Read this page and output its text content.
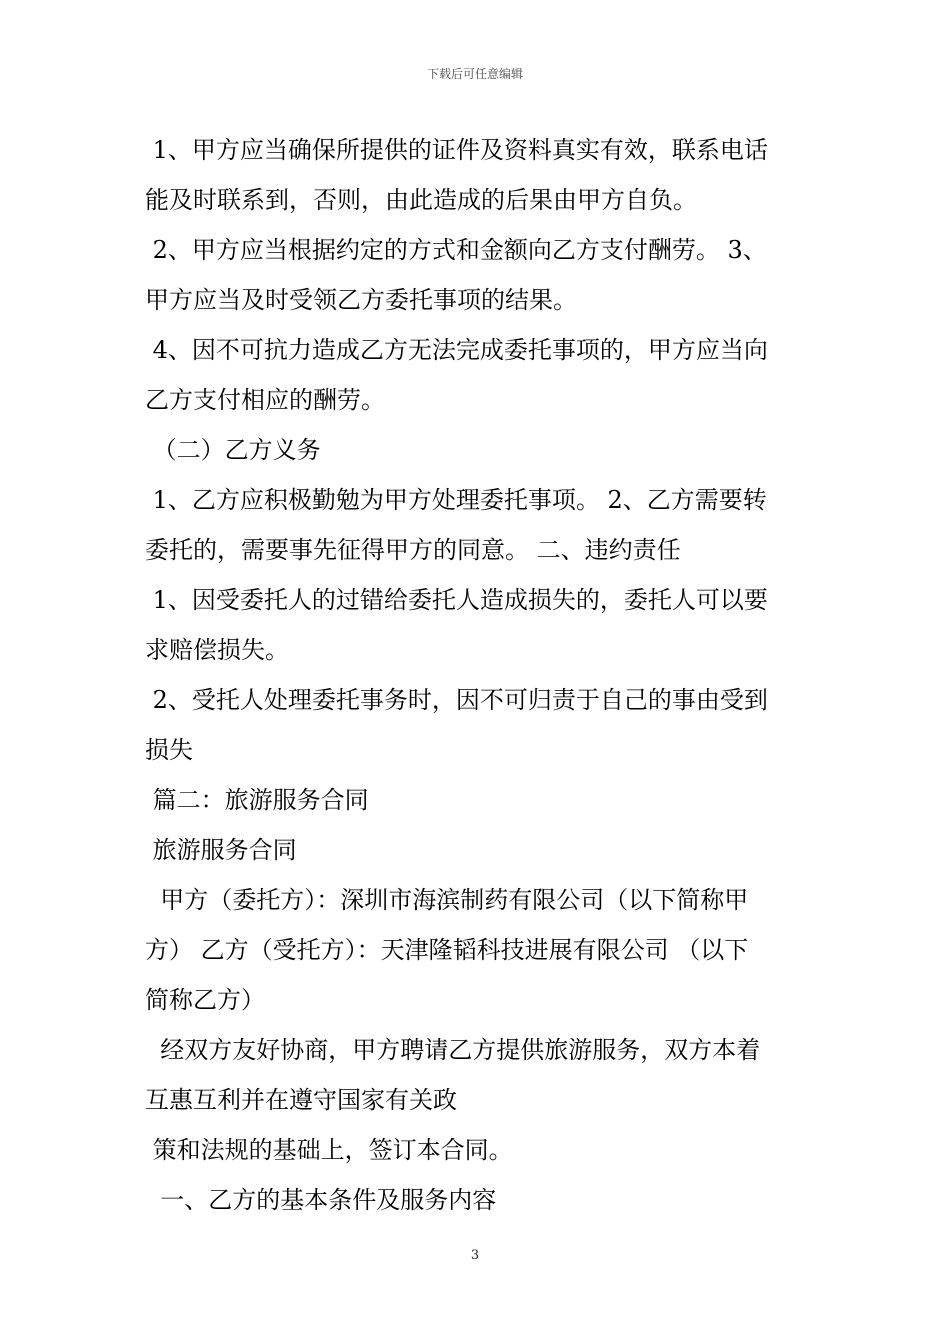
下载后可任意编辑
1、甲方应当确保所提供的证件及资料真实有效，联系电话
能及时联系到，否则，由此造成的后果由甲方自负。
2、甲方应当根据约定的方式和金额向乙方支付酬劳。 3、
甲方应当及时受领乙方委托事项的结果。
4、因不可抗力造成乙方无法完成委托事项的，甲方应当向
乙方支付相应的酬劳。
（二）乙方义务
1、乙方应积极勤勉为甲方处理委托事项。 2、乙方需要转
委托的，需要事先征得甲方的同意。 二、违约责任
1、因受委托人的过错给委托人造成损失的，委托人可以要
求赔偿损失。
2、受托人处理委托事务时，因不可归责于自己的事由受到
损失
篇二：旅游服务合同
旅游服务合同
甲方（委托方）：深圳市海滨制药有限公司（以下简称甲
方） 乙方（受托方）：天津隆韬科技进展有限公司 （以下
简称乙方）
经双方友好协商，甲方聘请乙方提供旅游服务，双方本着
互惠互利并在遵守国家有关政
策和法规的基础上，签订本合同。
一、乙方的基本条件及服务内容
3
